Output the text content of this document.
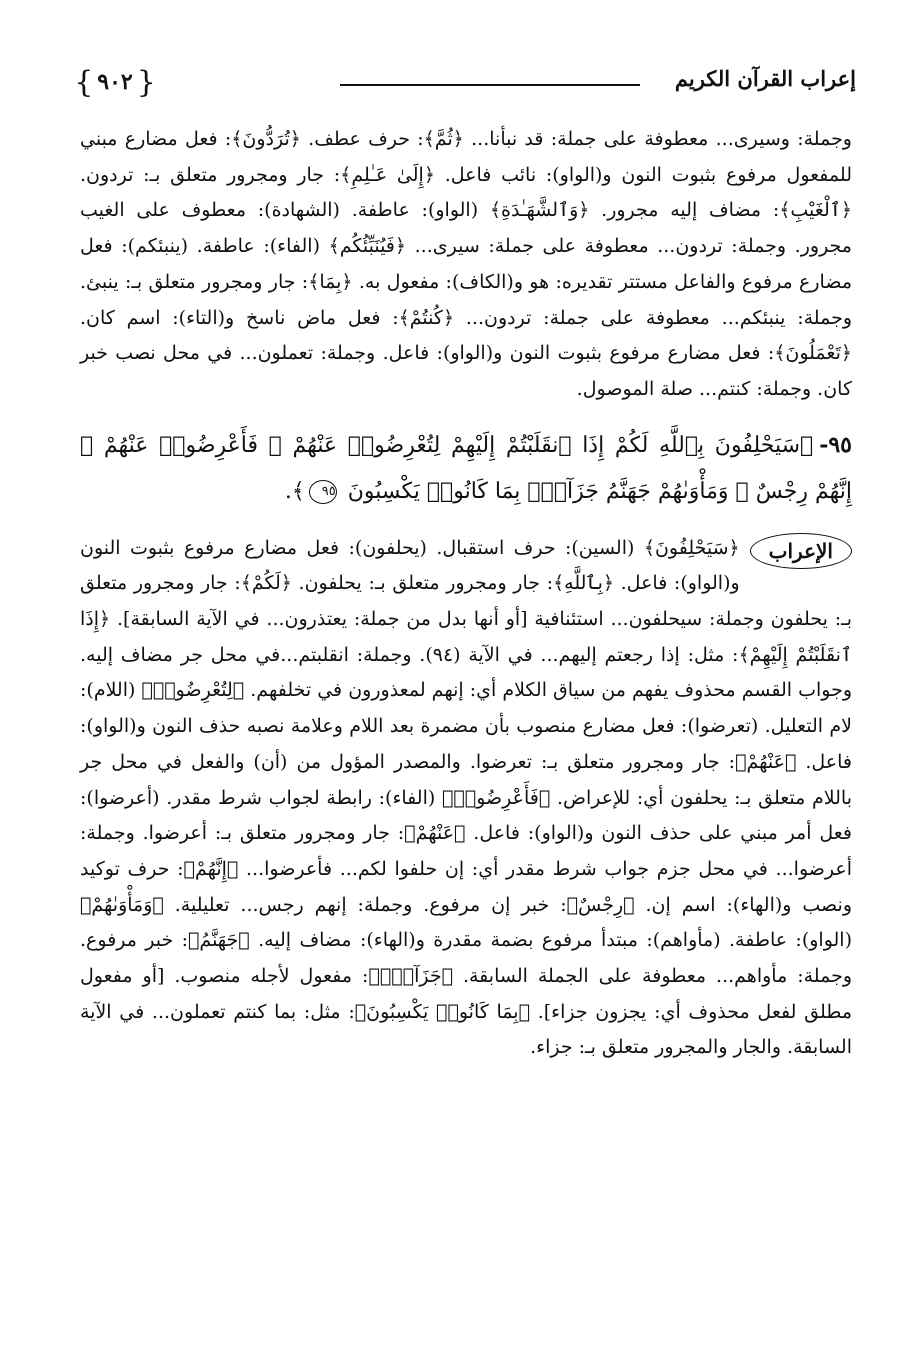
{
٩٠٢
}	إعراب القرآن الكريم

وجملة: وسيرى... معطوفة على جملة: قد نبأنا... ﴿ثُمَّ﴾: حرف عطف. ﴿تُرَدُّونَ﴾: فعل مضارع مبني للمفعول مرفوع بثبوت النون و(الواو): نائب فاعل. ﴿إِلَىٰ عَـٰلِمِ﴾: جار ومجرور متعلق بـ: تردون. ﴿ٱلْغَيْبِ﴾: مضاف إليه مجرور. ﴿وَٱلشَّهَـٰدَةِ﴾ (الواو): عاطفة. (الشهادة): معطوف على الغيب مجرور. وجملة: تردون... معطوفة على جملة: سيرى... ﴿فَيُنَبِّئُكُم﴾ (الفاء): عاطفة. (ينبئكم): فعل مضارع مرفوع والفاعل مستتر تقديره: هو و(الكاف): مفعول به. ﴿بِمَا﴾: جار ومجرور متعلق بـ: ينبئ. وجملة: ينبئكم... معطوفة على جملة: تردون... ﴿كُنتُمْ﴾: فعل ماض ناسخ و(التاء): اسم كان. ﴿تَعْمَلُونَ﴾: فعل مضارع مرفوع بثبوت النون و(الواو): فاعل. وجملة: تعملون... في محل نصب خبر كان. وجملة: كنتم... صلة الموصول.

٩٥-﴿سَيَحْلِفُونَ بِٱللَّهِ لَكُمْ إِذَا ٱنقَلَبْتُمْ إِلَيْهِمْ لِتُعْرِضُوا۟ عَنْهُمْ ۖ فَأَعْرِضُوا۟ عَنْهُمْ ۖ إِنَّهُمْ رِجْسٌ ۖ وَمَأْوَىٰهُمْ جَهَنَّمُ جَزَآءًۢ بِمَا كَانُوا۟ يَكْسِبُونَ ٩٥﴾.
الإعراب

﴿سَيَحْلِفُونَ﴾ (السين): حرف استقبال. (يحلفون): فعل مضارع مرفوع بثبوت النون و(الواو): فاعل. ﴿بِٱللَّهِ﴾: جار ومجرور متعلق بـ: يحلفون. ﴿لَكُمْ﴾: جار ومجرور متعلق بـ: يحلفون وجملة: سيحلفون... استئنافية [أو أنها بدل من جملة: يعتذرون... في الآية السابقة]. ﴿إِذَا ٱنقَلَبْتُمْ إِلَيْهِمْ﴾: مثل: إذا رجعتم إليهم... في الآية (٩٤). وجملة: انقلبتم...في محل جر مضاف إليه. وجواب القسم محذوف يفهم من سياق الكلام أي: إنهم لمعذورون في تخلفهم. ﴿لِتُعْرِضُوا۟﴾ (اللام): لام التعليل. (تعرضوا): فعل مضارع منصوب بأن مضمرة بعد اللام وعلامة نصبه حذف النون و(الواو): فاعل. ﴿عَنْهُمْ﴾: جار ومجرور متعلق بـ: تعرضوا. والمصدر المؤول من (أن) والفعل في محل جر باللام متعلق بـ: يحلفون أي: للإعراض. ﴿فَأَعْرِضُوا۟﴾ (الفاء): رابطة لجواب شرط مقدر. (أعرضوا): فعل أمر مبني على حذف النون و(الواو): فاعل. ﴿عَنْهُمْ﴾: جار ومجرور متعلق بـ: أعرضوا. وجملة: أعرضوا... في محل جزم جواب شرط مقدر أي: إن حلفوا لكم... فأعرضوا... ﴿إِنَّهُمْ﴾: حرف توكيد ونصب و(الهاء): اسم إن. ﴿رِجْسٌ﴾: خبر إن مرفوع. وجملة: إنهم رجس... تعليلية. ﴿وَمَأْوَىٰهُمْ﴾ (الواو): عاطفة. (مأواهم): مبتدأ مرفوع بضمة مقدرة و(الهاء): مضاف إليه. ﴿جَهَنَّمُ﴾: خبر مرفوع. وجملة: مأواهم... معطوفة على الجملة السابقة. ﴿جَزَآءًۢ﴾: مفعول لأجله منصوب. [أو مفعول مطلق لفعل محذوف أي: يجزون جزاء]. ﴿بِمَا كَانُوا۟ يَكْسِبُونَ﴾: مثل: بما كنتم تعملون... في الآية السابقة. والجار والمجرور متعلق بـ: جزاء.
